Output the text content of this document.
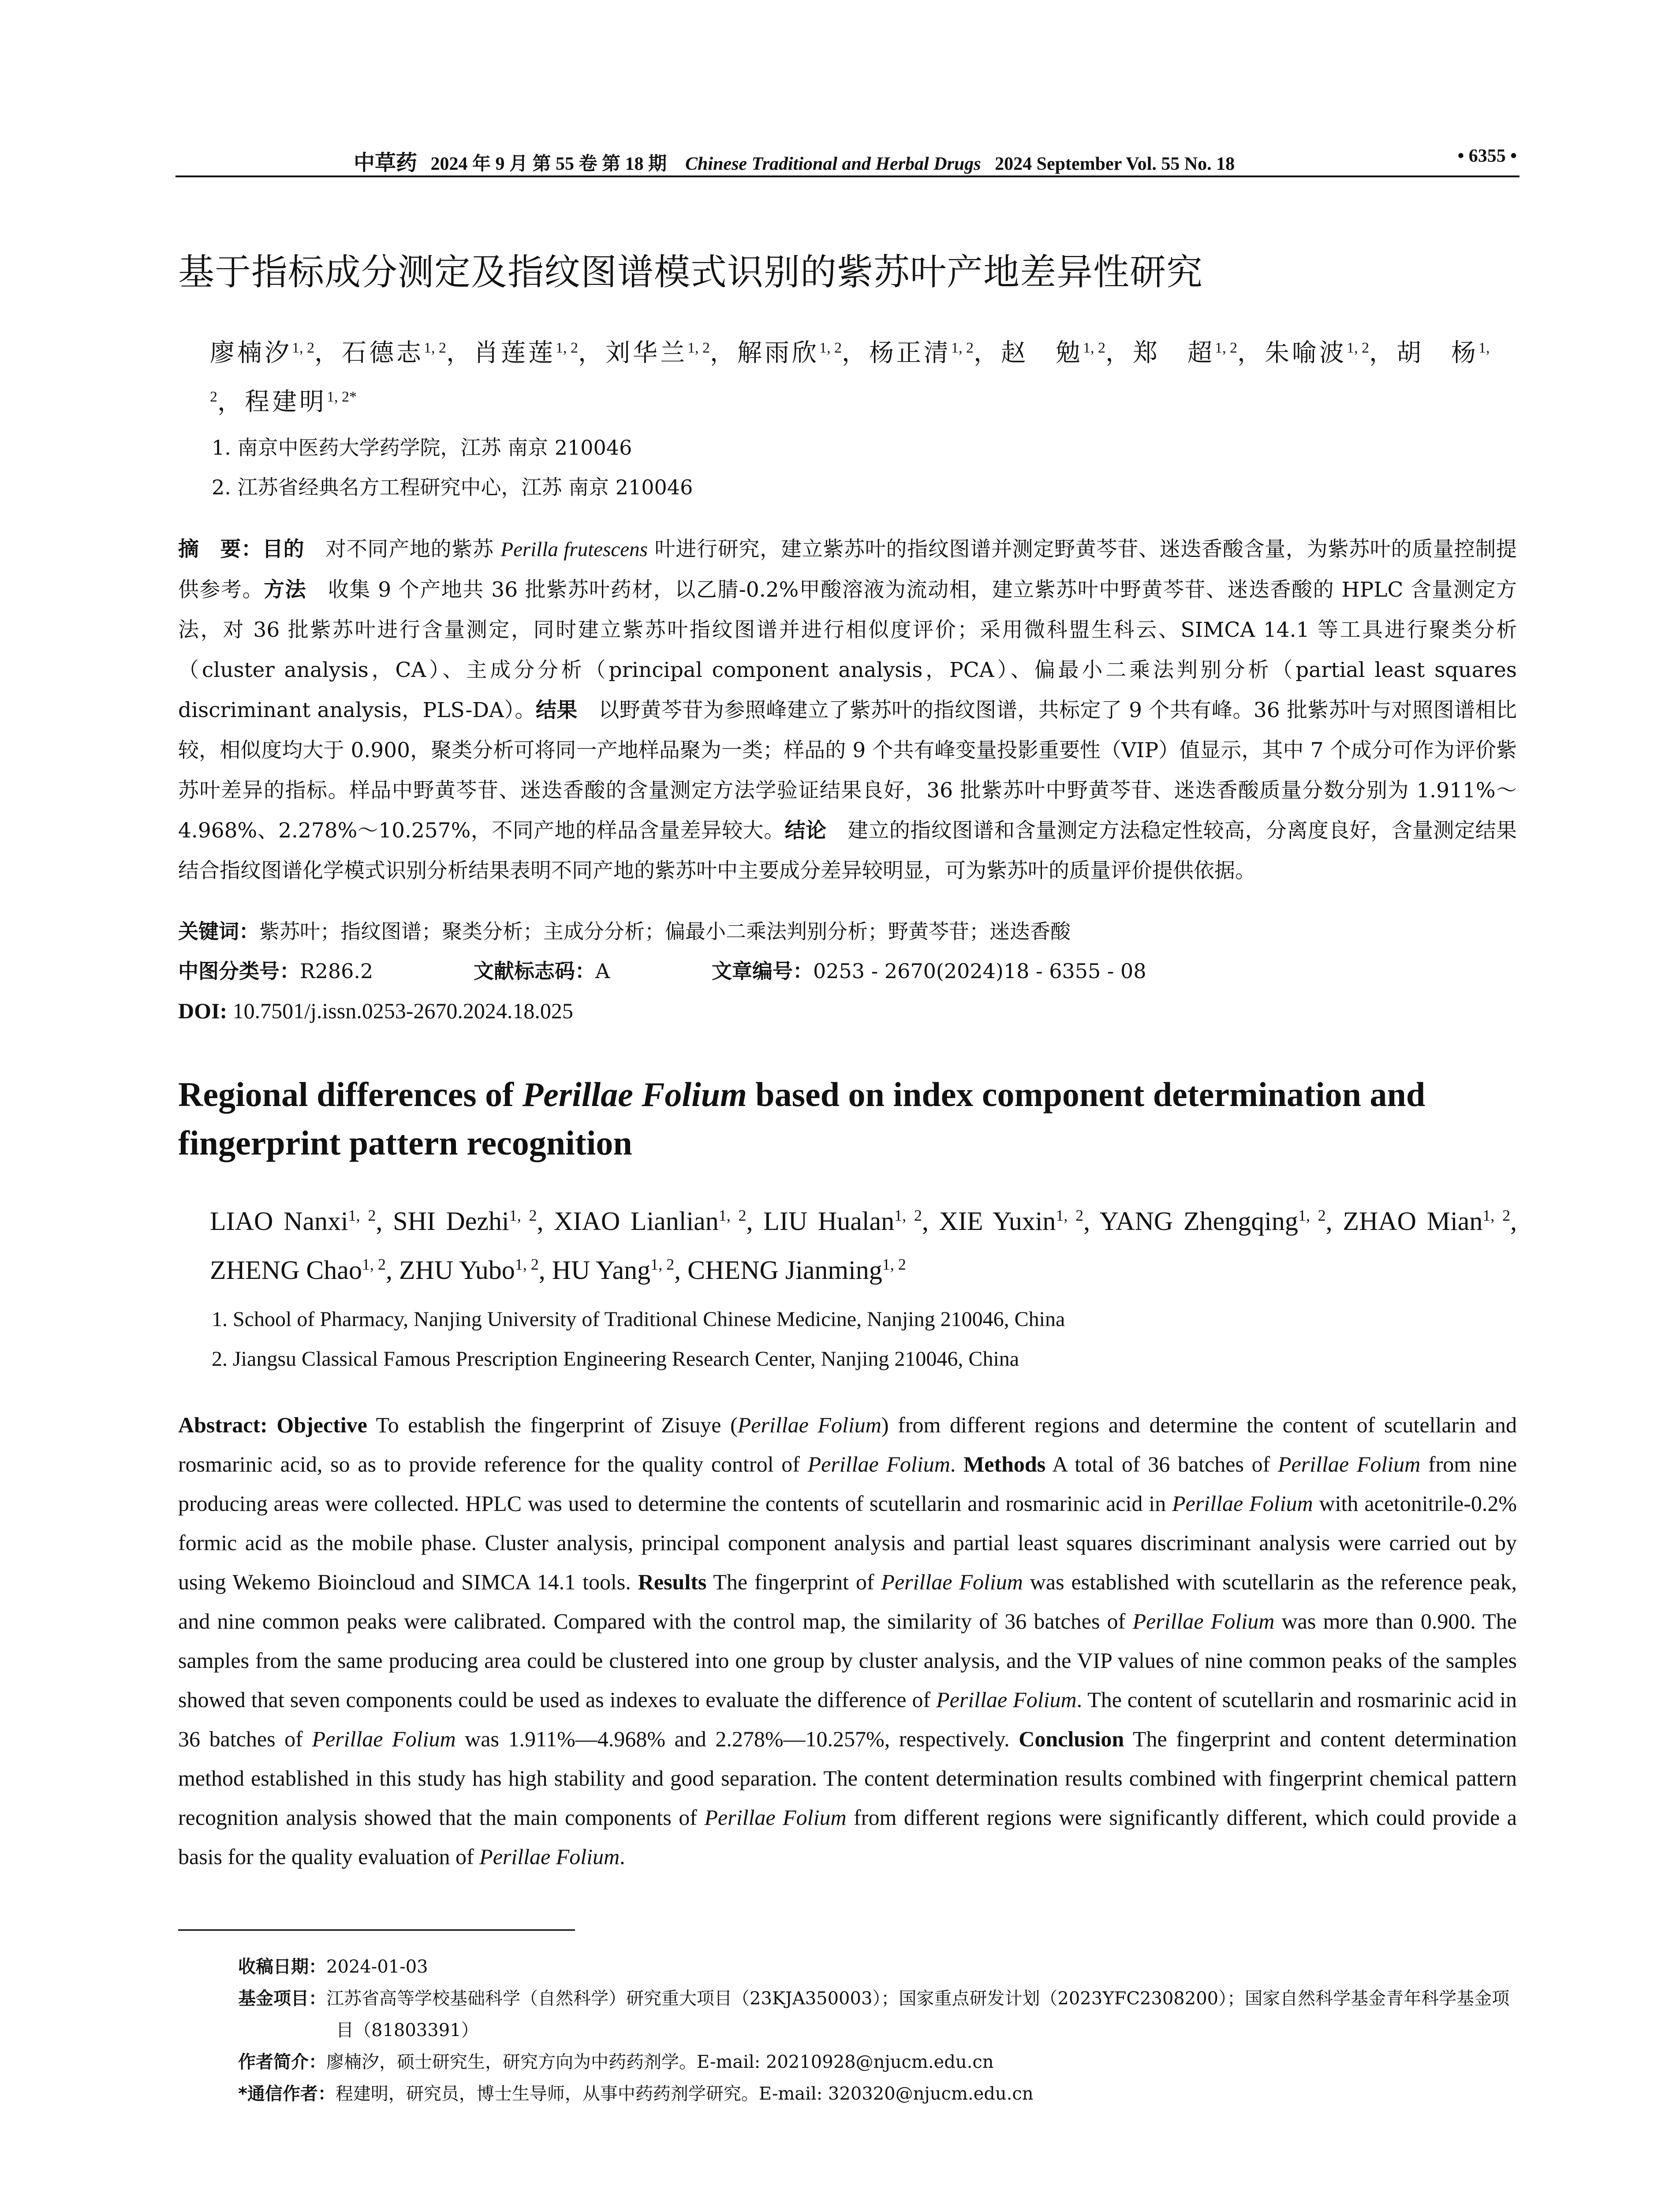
中草药 2024 年 9 月 第 55 卷 第 18 期 Chinese Traditional and Herbal Drugs 2024 September Vol. 55 No. 18	• 6355 •
基于指标成分测定及指纹图谱模式识别的紫苏叶产地差异性研究
廖楠汐$^{1, 2}$，石德志$^{1, 2}$，肖莲莲$^{1, 2}$，刘华兰$^{1, 2}$，解雨欣$^{1, 2}$，杨正清$^{1, 2}$，赵　勉$^{1, 2}$，郑　超$^{1, 2}$，朱喻波$^{1, 2}$，胡　杨$^{1, 2}$，程建明$^{1, 2*}$
1. 南京中医药大学药学院，江苏 南京 210046
2. 江苏省经典名方工程研究中心，江苏 南京 210046

摘　要：目的　对不同产地的紫苏 Perilla frutescens 叶进行研究，建立紫苏叶的指纹图谱并测定野黄芩苷、迷迭香酸含量，为紫苏叶的质量控制提供参考。方法　收集 9 个产地共 36 批紫苏叶药材，以乙腈-0.2%甲酸溶液为流动相，建立紫苏叶中野黄芩苷、迷迭香酸的 HPLC 含量测定方法，对 36 批紫苏叶进行含量测定，同时建立紫苏叶指纹图谱并进行相似度评价；采用微科盟生科云、SIMCA 14.1 等工具进行聚类分析（cluster analysis，CA）、主成分分析（principal component analysis，PCA）、偏最小二乘法判别分析（partial least squares discriminant analysis，PLS-DA）。结果　以野黄芩苷为参照峰建立了紫苏叶的指纹图谱，共标定了 9 个共有峰。36 批紫苏叶与对照图谱相比较，相似度均大于 0.900，聚类分析可将同一产地样品聚为一类；样品的 9 个共有峰变量投影重要性（VIP）值显示，其中 7 个成分可作为评价紫苏叶差异的指标。样品中野黄芩苷、迷迭香酸的含量测定方法学验证结果良好，36 批紫苏叶中野黄芩苷、迷迭香酸质量分数分别为 1.911%～4.968%、2.278%～10.257%，不同产地的样品含量差异较大。结论　建立的指纹图谱和含量测定方法稳定性较高，分离度良好，含量测定结果结合指纹图谱化学模式识别分析结果表明不同产地的紫苏叶中主要成分差异较明显，可为紫苏叶的质量评价提供依据。

关键词：紫苏叶；指纹图谱；聚类分析；主成分分析；偏最小二乘法判别分析；野黄芩苷；迷迭香酸
中图分类号：R286.2	文献标志码：A	文章编号：0253 - 2670(2024)18 - 6355 - 08
DOI: 10.7501/j.issn.0253-2670.2024.18.025
Regional differences of Perillae Folium based on index component determination and fingerprint pattern recognition
LIAO Nanxi$^{1, 2}$, SHI Dezhi$^{1, 2}$, XIAO Lianlian$^{1, 2}$, LIU Hualan$^{1, 2}$, XIE Yuxin$^{1, 2}$, YANG Zhengqing$^{1, 2}$, ZHAO Mian$^{1, 2}$, ZHENG Chao$^{1, 2}$, ZHU Yubo$^{1, 2}$, HU Yang$^{1, 2}$, CHENG Jianming$^{1, 2}$
1. School of Pharmacy, Nanjing University of Traditional Chinese Medicine, Nanjing 210046, China
2. Jiangsu Classical Famous Prescription Engineering Research Center, Nanjing 210046, China

Abstract: Objective To establish the fingerprint of Zisuye (Perillae Folium) from different regions and determine the content of scutellarin and rosmarinic acid, so as to provide reference for the quality control of Perillae Folium. Methods A total of 36 batches of Perillae Folium from nine producing areas were collected. HPLC was used to determine the contents of scutellarin and rosmarinic acid in Perillae Folium with acetonitrile-0.2% formic acid as the mobile phase. Cluster analysis, principal component analysis and partial least squares discriminant analysis were carried out by using Wekemo Bioincloud and SIMCA 14.1 tools. Results The fingerprint of Perillae Folium was established with scutellarin as the reference peak, and nine common peaks were calibrated. Compared with the control map, the similarity of 36 batches of Perillae Folium was more than 0.900. The samples from the same producing area could be clustered into one group by cluster analysis, and the VIP values of nine common peaks of the samples showed that seven components could be used as indexes to evaluate the difference of Perillae Folium. The content of scutellarin and rosmarinic acid in 36 batches of Perillae Folium was 1.911%—4.968% and 2.278%—10.257%, respectively. Conclusion The fingerprint and content determination method established in this study has high stability and good separation. The content determination results combined with fingerprint chemical pattern recognition analysis showed that the main components of Perillae Folium from different regions were significantly different, which could provide a basis for the quality evaluation of Perillae Folium.

收稿日期：2024-01-03
基金项目：江苏省高等学校基础科学（自然科学）研究重大项目（23KJA350003）；国家重点研发计划（2023YFC2308200）；国家自然科学基金青年科学基金项目（81803391）
作者简介：廖楠汐，硕士研究生，研究方向为中药药剂学。E-mail: 20210928@njucm.edu.cn
*通信作者：程建明，研究员，博士生导师，从事中药药剂学研究。E-mail: 320320@njucm.edu.cn
